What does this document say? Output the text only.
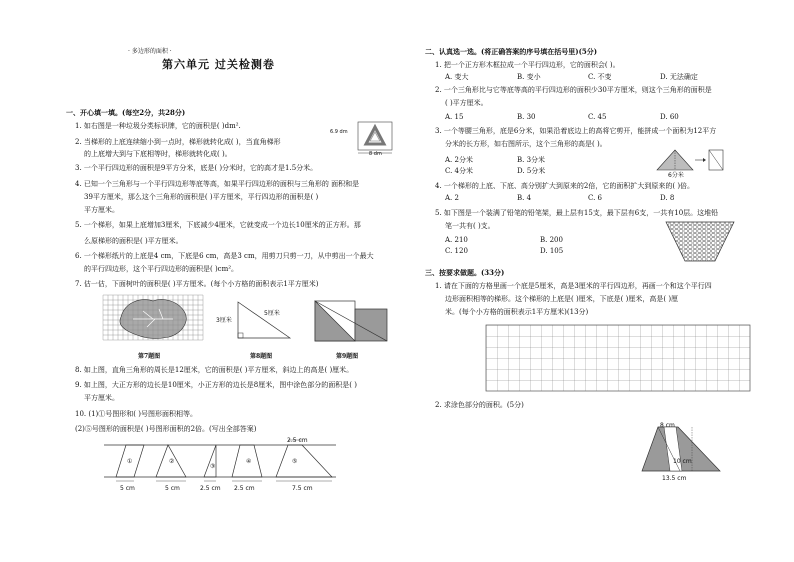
· 多边形的面积 ·
第六单元 过关检测卷
一、开心填一填。(每空2分，共28分)
1. 如右图是一种垃圾分类标识牌，它的面积是( )dm².
2. 当梯形的上底连续缩小到一点时，梯形就转化成( )，当直角梯形
的上底增大到与下底相等时，梯形就转化成( )。
6.9 dm
8 dm
3. 一个平行四边形的面积是9平方分米，底是( )分米时，它的高才是1.5分米。
4. 已知一个三角形与一个平行四边形等底等高，如果平行四边形的面积与三角形的 面积和是
39平方厘米，那么这个三角形的面积是( )平方厘米，平行四边形的面积是( )
平方厘米。
5. 一个梯形，如果上底增加3厘米，下底减少4厘米，它就变成一个边长10厘米的正方形。那
么原梯形的面积是( )平方厘米。
6. 一个梯形纸片的上底是4 cm，下底是6 cm，高是3 cm，用剪刀只剪一刀，从中剪出一个最大
的平行四边形，这个平行四边形的面积是( )cm²。
7. 估一估，下面树叶的面积是( )平方厘米。(每个小方格的面积表示1平方厘米)
第7题图
3厘米
5厘米
第8题图	第9题图
8. 如上图，直角三角形的周长是12厘米，它的面积是( )平方厘米，斜边上的高是( )厘米。
9. 如上图，大正方形的边长是10厘米，小正方形的边长是8厘米，图中涂色部分的面积是( )
平方厘米。
10. (1)①号图形和( )号图形面积相等。
(2)⑤号图形的面积是( )号图形面积的2倍。(写出全部答案)
①	②
③
④	⑤
2.5 cm
5 cm	5 cm	2.5 cm 2.5 cm	7.5 cm
二、认真选一选。(将正确答案的序号填在括号里)(5分)
1. 把一个正方形木框拉成一个平行四边形，它的面积会( )。
A. 变大	B. 变小	C. 不变	D. 无法确定
2. 一个三角形比与它等底等高的平行四边形的面积少30平方厘米，则这个三角形的面积是
( )平方厘米。
A. 15	B. 30	C. 45	D. 60
3. 一个等腰三角形，底是6分米，如果沿着底边上的高将它剪开，能拼成一个面积为12平方
分米的长方形，如右图所示，这个三角形的高是( )。
A. 2分米	B. 3分米
C. 4分米	D. 5分米
6分米
4. 一个梯形的上底、下底、高分别扩大到原来的2倍，它的面积扩大到原来的( )倍。
A. 2	B. 4	C. 6	D. 8
5. 如下图是一个装满了铅笔的铅笔架，最上层有15支，最下层有6支，一共有10层。这堆铅
笔一共有( )支。
A. 210	B. 200
C. 120	D. 105
三、按要求做题。(33分)
1. 请在下面的方格里画一个底是5厘米，高是3厘米的平行四边形，再画一个和这个平行四
边形面积相等的梯形。这个梯形的上底是( )厘米，下底是( )厘米，高是( )厘
米。(每个小方格的面积表示1平方厘米)(13分)
2. 求涂色部分的面积。(5分)
8 cm
10 cm
13.5 cm
